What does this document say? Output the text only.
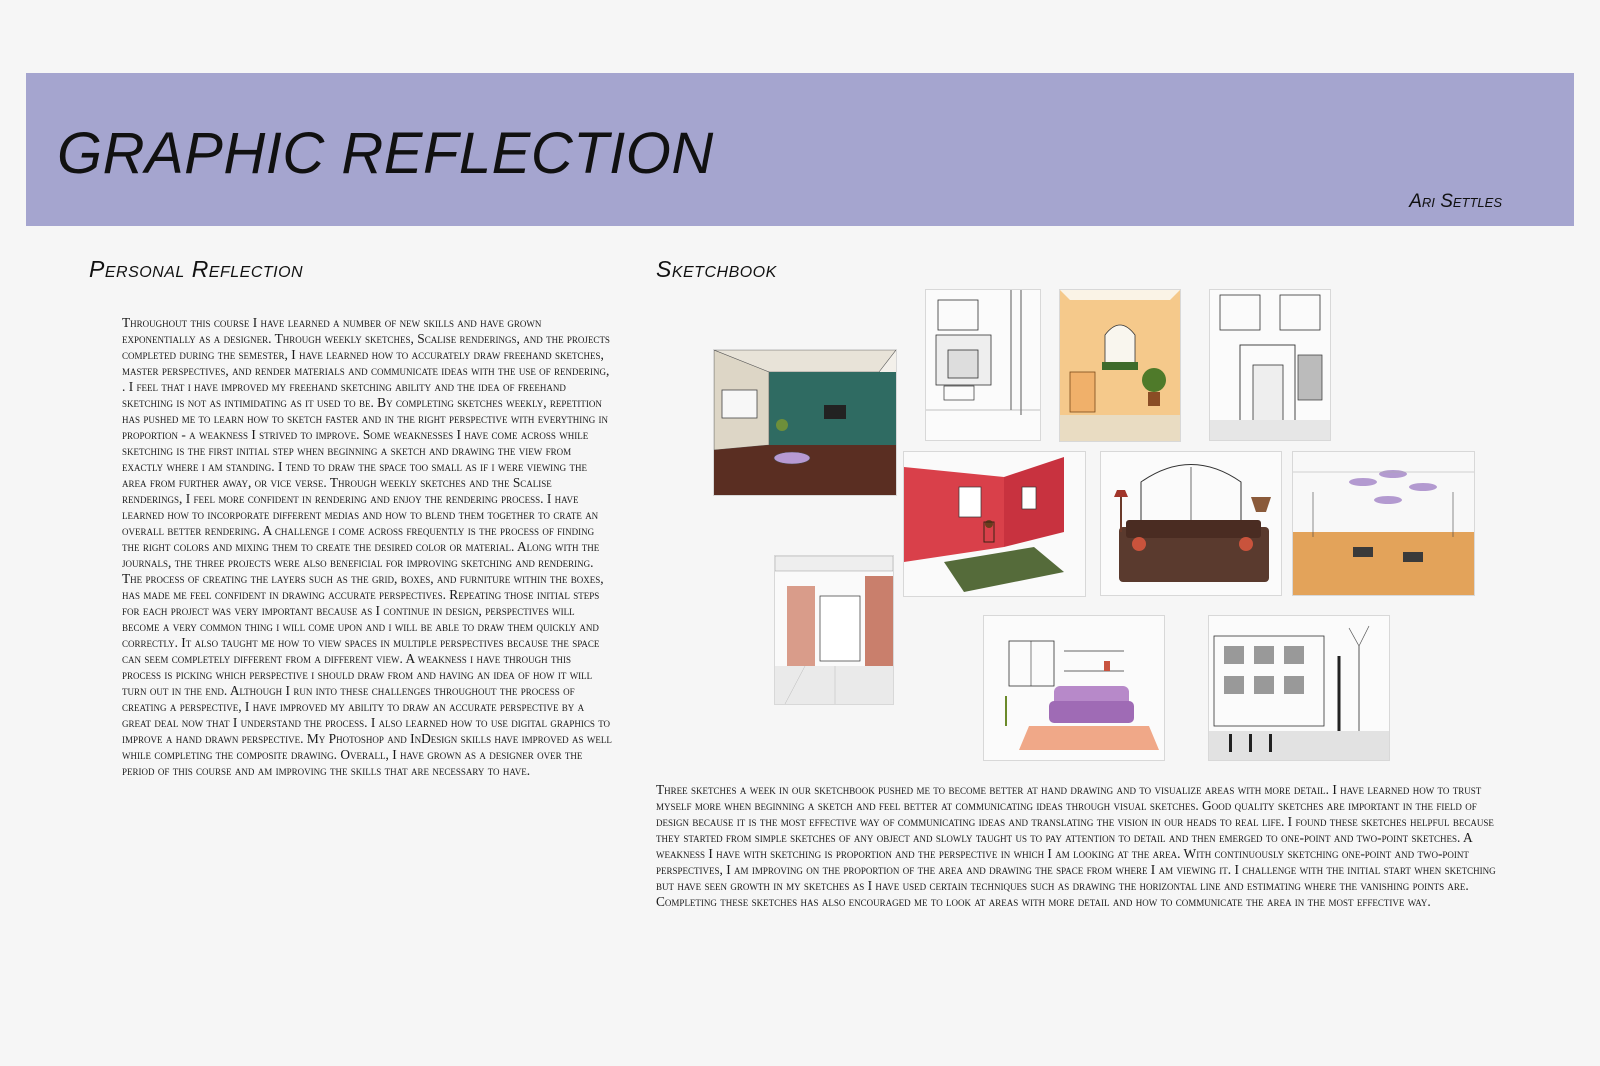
GRAPHIC REFLECTION
Ari Settles
Personal Reflection

Throughout this course I have learned a number of new skills and have grown exponentially as a designer. Through weekly sketches, Scalise renderings, and the projects completed during the semester, I have learned how to accurately draw freehand sketches, master perspectives, and render materials and communicate ideas with the use of rendering, . I feel that i have improved my freehand sketching ability and the idea of freehand sketching is not as intimidating as it used to be. By completing sketches weekly, repetition has pushed me to learn how to sketch faster and in the right perspective with everything in proportion - a weakness I strived to improve. Some weaknesses I have come across while sketching is the first initial step when beginning a sketch and drawing the view from exactly where i am standing. I tend to draw the space too small as if i were viewing the area from further away, or vice verse. Through weekly sketches and the Scalise renderings, I feel more confident in rendering and enjoy the rendering process. I have learned how to incorporate different medias and how to blend them together to crate an overall better rendering. A challenge i come across frequently is the process of finding the right colors and mixing them to create the desired color or material. Along with the journals, the three projects were also beneficial for improving sketching and rendering. The process of creating the layers such as the grid, boxes, and furniture within the boxes, has made me feel confident in drawing accurate perspectives. Repeating those initial steps for each project was very important because as I continue in design, perspectives will become a very common thing i will come upon and i will be able to draw them quickly and correctly. It also taught me how to view spaces in multiple perspectives because the space can seem completely different from a different view. A weakness i have through this process is picking which perspective i should draw from and having an idea of how it will turn out in the end. Although I run into these challenges throughout the process of creating a perspective, I have improved my ability to draw an accurate perspective by a great deal now that I understand the process. I also learned how to use digital graphics to improve a hand drawn perspective. My Photoshop and InDesign skills have improved as well while completing the composite drawing. Overall, I have grown as a designer over the period of this course and am improving the skills that are necessary to have.

Sketchbook

Three sketches a week in our sketchbook pushed me to become better at hand drawing and to visualize areas with more detail. I have learned how to trust myself more when beginning a sketch and feel better at communicating ideas through visual sketches. Good quality sketches are important in the field of design because it is the most effective way of communicating ideas and translating the vision in our heads to real life. I found these sketches helpful because they started from simple sketches of any object and slowly taught us to pay attention to detail and then emerged to one-point and two-point sketches. A weakness I have with sketching is proportion and the perspective in which I am looking at the area. With continuously sketching one-point and two-point perspectives, I am improving on the proportion of the area and drawing the space from where I am viewing it. I challenge with the initial start when sketching but have seen growth in my sketches as I have used certain techniques such as drawing the horizontal line and estimating where the vanishing points are. Completing these sketches has also encouraged me to look at areas with more detail and how to communicate the area in the most effective way.
